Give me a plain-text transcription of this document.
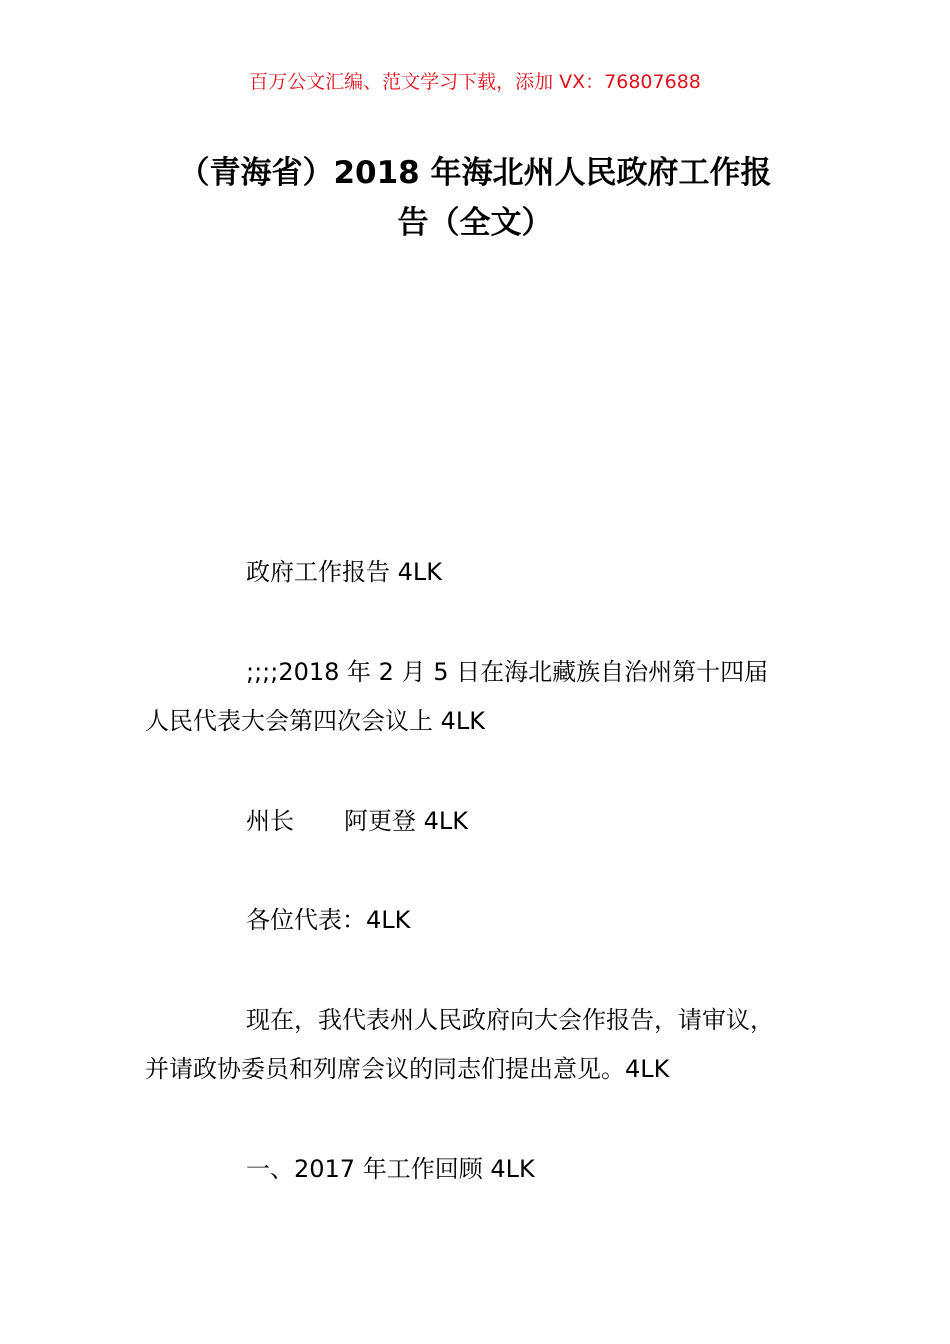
百万公文汇编、范文学习下载，添加 VX：76807688
（青海省）2018 年海北州人民政府工作报
告（全文）

政府工作报告 4LK

;;;;2018 年 2 月 5 日在海北藏族自治州第十四届
人民代表大会第四次会议上 4LK

州长 阿更登 4LK

各位代表：4LK

现在，我代表州人民政府向大会作报告，请审议，
并请政协委员和列席会议的同志们提出意见。4LK

一、2017 年工作回顾 4LK
